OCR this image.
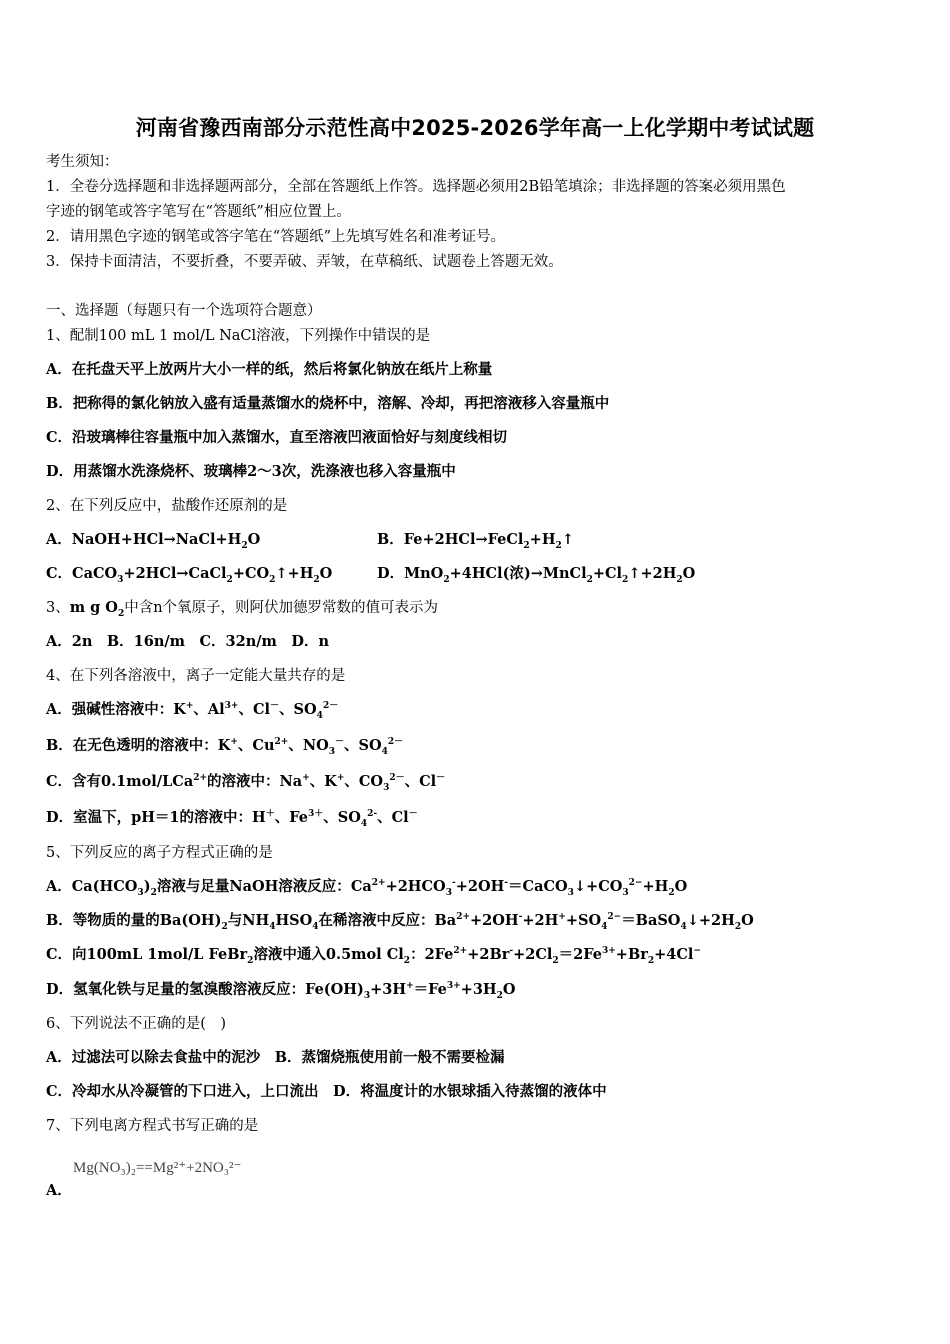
河南省豫西南部分示范性高中2025-2026学年高一上化学期中考试试题
考生须知：
1．全卷分选择题和非选择题两部分，全部在答题纸上作答。选择题必须用2B铅笔填涂；非选择题的答案必须用黑色
字迹的钢笔或答字笔写在“答题纸”相应位置上。
2．请用黑色字迹的钢笔或答字笔在“答题纸”上先填写姓名和准考证号。
3．保持卡面清洁，不要折叠，不要弄破、弄皱，在草稿纸、试题卷上答题无效。
一、选择题（每题只有一个选项符合题意）
1、配制100 mL 1 mol/L NaCl溶液，下列操作中错误的是
A．在托盘天平上放两片大小一样的纸，然后将氯化钠放在纸片上称量
B．把称得的氯化钠放入盛有适量蒸馏水的烧杯中，溶解、冷却，再把溶液移入容量瓶中
C．沿玻璃棒往容量瓶中加入蒸馏水，直至溶液凹液面恰好与刻度线相切
D．用蒸馏水洗涤烧杯、玻璃棒2～3次，洗涤液也移入容量瓶中
2、在下列反应中，盐酸作还原剂的是
A．$NaOH+HCl\to NaCl+H_2O$	B．$Fe+2HCl\to FeCl_2+H_2↑$
C．$CaCO_3+2HCl\to CaCl_2+CO_2↑+H_2O$	D．MnO$_2$+4HCl(浓)$\to MnCl_2+Cl_2↑+2H_2O$
3、m g $O_2$中含n个氧原子，则阿伏加德罗常数的值可表示为
A．2n　B．16n/m　C．32n/m　D．n
4、在下列各溶液中，离子一定能大量共存的是
A．强碱性溶液中：K+、$Al^{3+}$、Cl－、$SO_4^{2-}$
B．在无色透明的溶液中：K+、$Cu^{2+}$、$NO_3^-$、$SO_4^{2-}$
C．含有0.1mol/LCa$^{2+}$的溶液中：Na+、K+、$CO_3^{2-}$、Cl－
D．室温下，pH＝1的溶液中：H＋、$Fe^{3+}$、$SO_4^{2-}$、Cl－
5、下列反应的离子方程式正确的是
A．$Ca(HCO_3)_2$溶液与足量NaOH溶液反应：$Ca^{2+}+2HCO_3^-+2OH^-=CaCO_3↓+CO_3^{2-}+H_2O$
B．等物质的量的$Ba(OH)_2$与$NH_4HSO_4$在稀溶液中反应：$Ba^{2+}+2OH^-+2H^++SO_4^{2-}=BaSO_4↓+2H_2O$
C．向100mL 1mol/L FeBr$_2$溶液中通入0.5mol $Cl_2$：$2Fe^{2+}+2Br^-+2Cl_2=2Fe^{3+}+Br_2+4Cl^-$
D．氢氧化铁与足量的氢溴酸溶液反应：$Fe(OH)_3+3H^+=Fe^{3+}+3H_2O$
6、下列说法不正确的是(　)
A．过滤法可以除去食盐中的泥沙　B．蒸馏烧瓶使用前一般不需要检漏
C．冷却水从冷凝管的下口进入，上口流出　D．将温度计的水银球插入待蒸馏的液体中
7、下列电离方程式书写正确的是
Mg(NO₃)₂==Mg²⁺+2NO₃²⁻
A．
